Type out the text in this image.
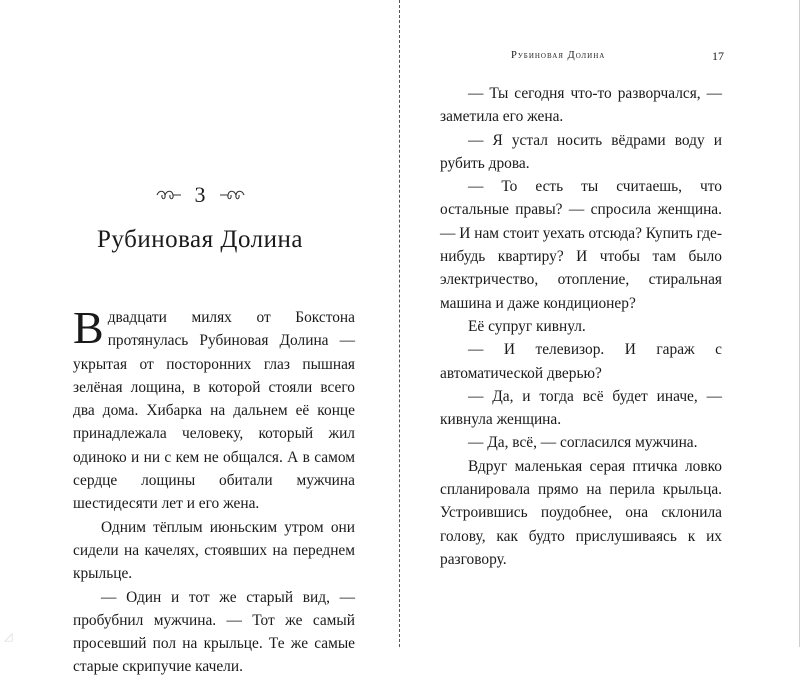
3
Рубиновая Долина

Вдвадцати милях от Бокстона протянулась Рубиновая Долина — укрытая от посторонних глаз пышная зелёная лощина, в которой стояли всего два дома. Хибарка на дальнем её конце принадлежала человеку, который жил одиноко и ни с кем не общался. А в самом сердце лощины обитали мужчина шестидесяти лет и его жена.

Одним тёплым июньским утром они сидели на качелях, стоявших на переднем крыльце.

— Один и тот же старый вид, — пробубнил мужчина. — Тот же самый просевший пол на крыльце. Те же самые старые скрипучие качели.

Рубиновая Долина	17

— Ты сегодня что-то разворчался, — заметила его жена.

— Я устал носить вёдрами воду и рубить дрова.

— То есть ты считаешь, что остальные правы? — спросила женщина. — И нам стоит уехать отсюда? Купить где-нибудь квартиру? И чтобы там было электричество, отопление, стиральная машина и даже кондиционер?

Её супруг кивнул.

— И телевизор. И гараж с автоматической дверью?

— Да, и тогда всё будет иначе, — кивнула женщина.

— Да, всё, — согласился мужчина.

Вдруг маленькая серая птичка ловко спланировала прямо на перила крыльца. Устроившись поудобнее, она склонила голову, как будто прислушиваясь к их разговору.

◿
